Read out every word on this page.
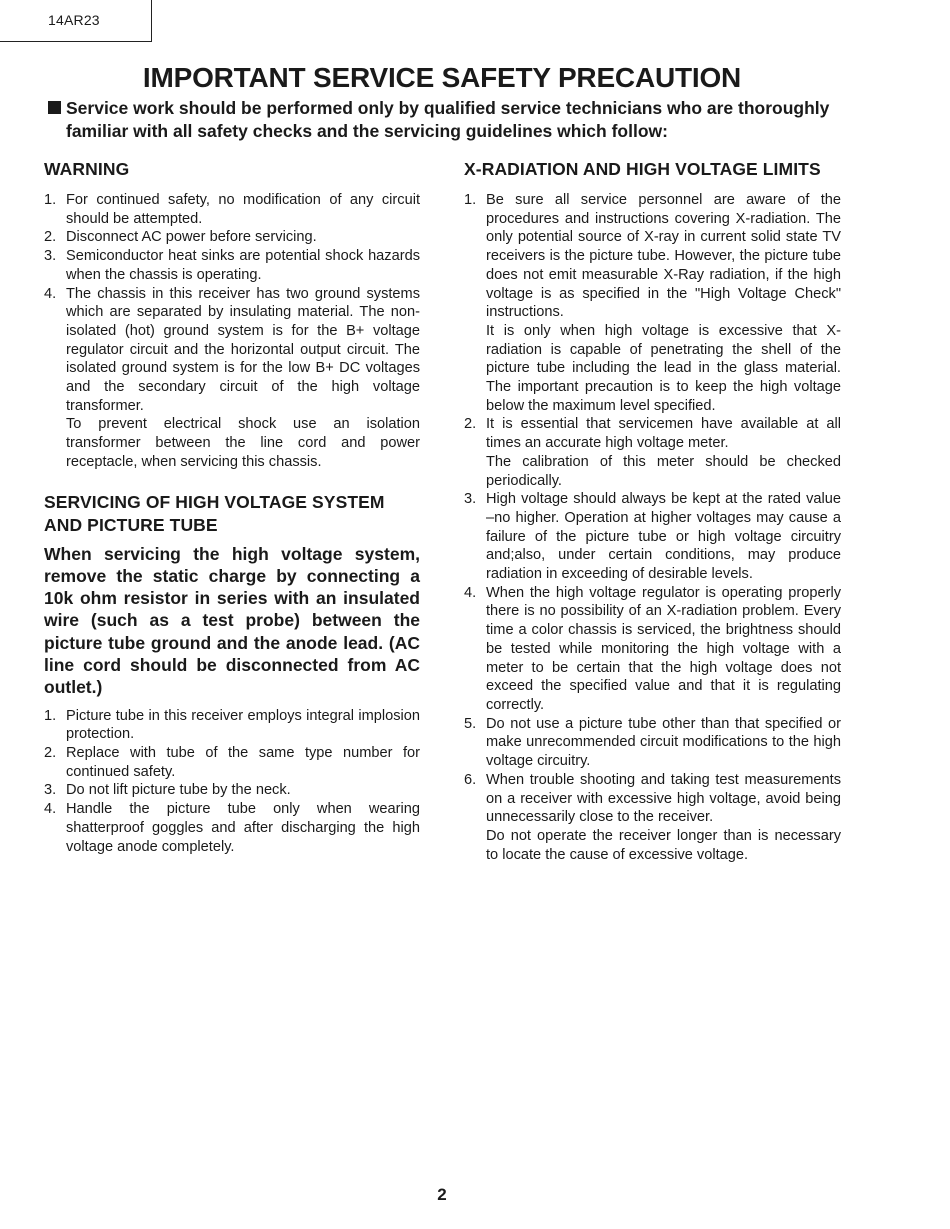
14AR23
IMPORTANT SERVICE SAFETY PRECAUTION
Service work should be performed only by qualified service technicians who are thoroughly familiar with all safety checks and the servicing guidelines which follow:
WARNING
1. For continued safety, no modification of any circuit should be attempted.

2. Disconnect AC power before servicing.

3. Semiconductor heat sinks are potential shock hazards when the chassis is operating.

4. The chassis in this receiver has two ground systems which are separated by insulating material. The non-isolated (hot) ground system is for the B+ voltage regulator circuit and the horizontal output circuit. The isolated ground system is for the low B+ DC voltages and the secondary circuit of the high voltage transformer.

To prevent electrical shock use an isolation transformer between the line cord and power receptacle, when servicing this chassis.

SERVICING OF HIGH VOLTAGE SYSTEM AND PICTURE TUBE

When servicing the high voltage system, remove the static charge by connecting a 10k ohm resistor in series with an insulated wire (such as a test probe) between the picture tube ground and the anode lead. (AC line cord should be disconnected from AC outlet.)

1. Picture tube in this receiver employs integral implosion protection.

2. Replace with tube of the same type number for continued safety.

3. Do not lift picture tube by the neck.

4. Handle the picture tube only when wearing shatterproof goggles and after discharging the high voltage anode completely.

X-RADIATION AND HIGH VOLTAGE LIMITS
1. Be sure all service personnel are aware of the procedures and instructions covering X-radiation. The only potential source of X-ray in current solid state TV receivers is the picture tube. However, the picture tube does not emit measurable X-Ray radiation, if the high voltage is as specified in the "High Voltage Check" instructions.

It is only when high voltage is excessive that X-radiation is capable of penetrating the shell of the picture tube including the lead in the glass material. The important precaution is to keep the high voltage below the maximum level specified.

2. It is essential that servicemen have available at all times an accurate high voltage meter.

The calibration of this meter should be checked periodically.

3. High voltage should always be kept at the rated value –no higher. Operation at higher voltages may cause a failure of the picture tube or high voltage circuitry and;also, under certain conditions, may produce radiation in exceeding of desirable levels.

4. When the high voltage regulator is operating properly there is no possibility of an X-radiation problem. Every time a color chassis is serviced, the brightness should be tested while monitoring the high voltage with a meter to be certain that the high voltage does not exceed the specified value and that it is regulating correctly.

5. Do not use a picture tube other than that specified or make unrecommended circuit modifications to the high voltage circuitry.

6. When trouble shooting and taking test measurements on a receiver with excessive high voltage, avoid being unnecessarily close to the receiver.

Do not operate the receiver longer than is necessary to locate the cause of excessive voltage.

2
